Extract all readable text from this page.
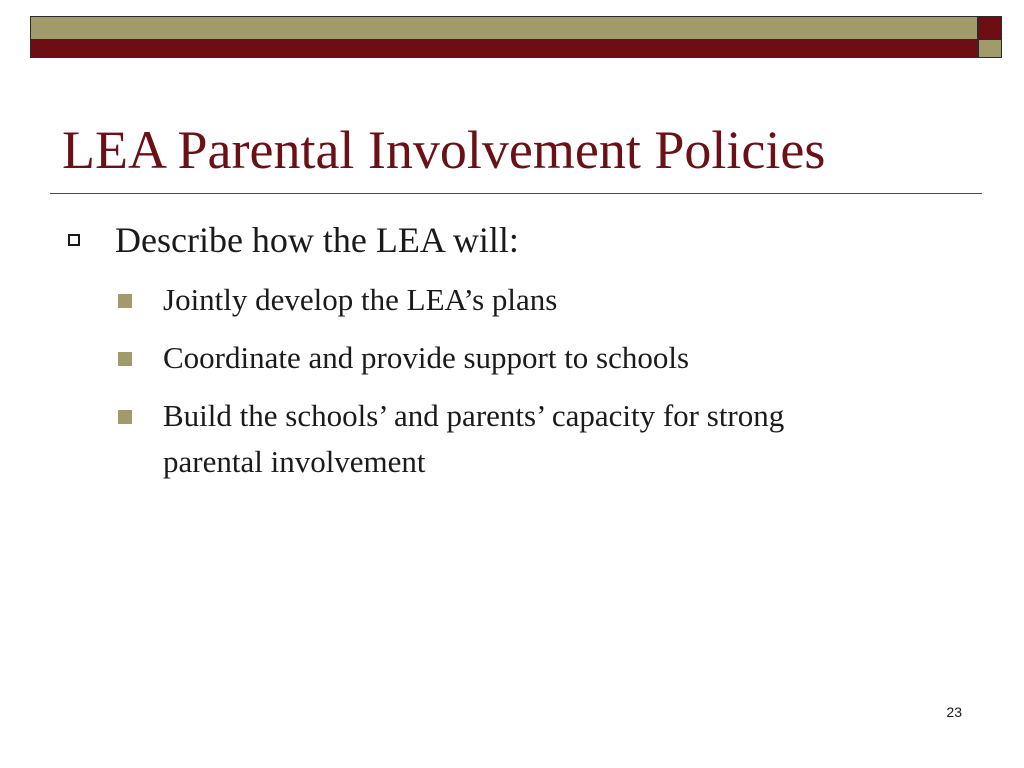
LEA Parental Involvement Policies
Describe how the LEA will:
Jointly develop the LEA’s plans
Coordinate and provide support to schools
Build the schools’ and parents’ capacity for strong
parental involvement
23
